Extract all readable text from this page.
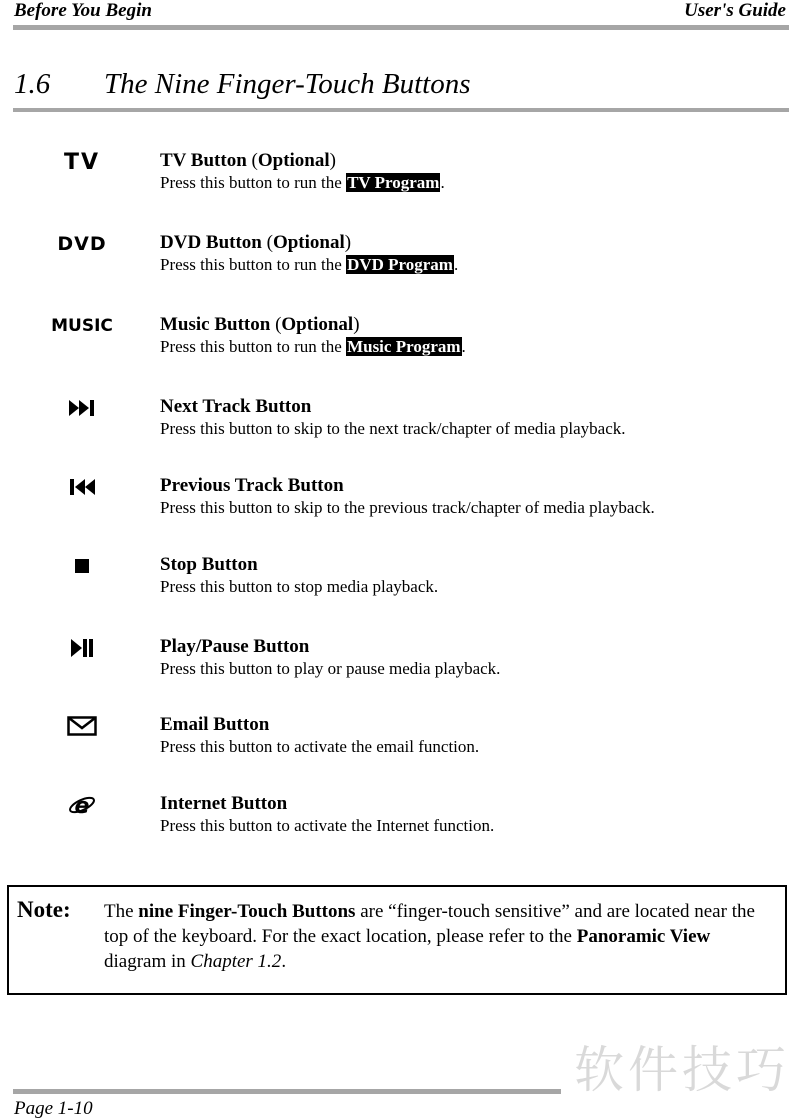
Before You Begin	User's Guide
1.6 The Nine Finger-Touch Buttons
TV	TV Button (Optional)
Press this button to run the TV Program.
DVD	DVD Button (Optional)
Press this button to run the DVD Program.
MUSIC Music Button (Optional)
Press this button to run the Music Program.
Next Track Button
Press this button to skip to the next track/chapter of media playback.
Previous Track Button
Press this button to skip to the previous track/chapter of media playback.
Stop Button
Press this button to stop media playback.
Play/Pause Button
Press this button to play or pause media playback.
Email Button
Press this button to activate the email function.
e	Internet Button
Press this button to activate the Internet function.
Note: The nine Finger-Touch Buttons are “finger-touch sensitive” and are located near the top of the keyboard. For the exact location, please refer to the Panoramic View diagram in Chapter 1.2.
软件技巧
Page 1-10
